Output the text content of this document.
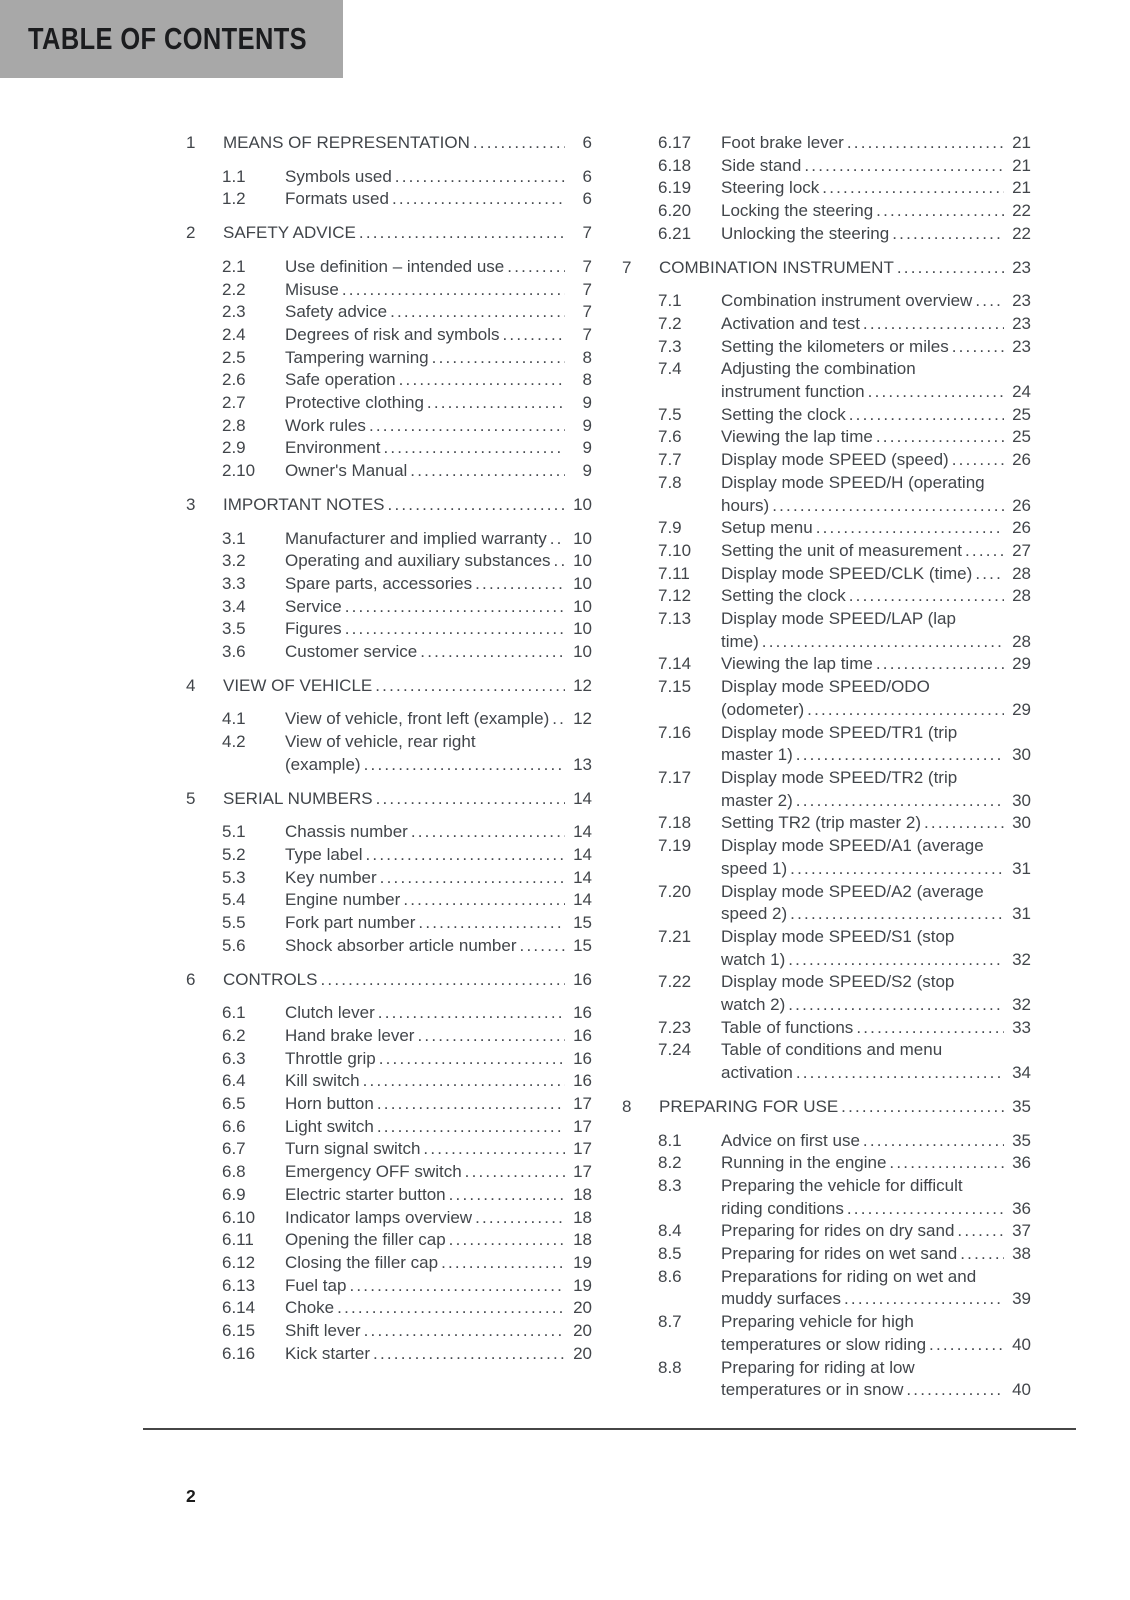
TABLE OF CONTENTS
1	MEANS OF REPRESENTATION .....	6
1.1	Symbols used .....	6
1.2	Formats used .....	6
2	SAFETY ADVICE .....	7
2.1	Use definition – intended use .....	7
2.2	Misuse .....	7
2.3	Safety advice .....	7
2.4	Degrees of risk and symbols .....	7
2.5	Tampering warning .....	8
2.6	Safe operation .....	8
2.7	Protective clothing .....	9
2.8	Work rules .....	9
2.9	Environment .....	9
2.10	Owner's Manual .....	9
3	IMPORTANT NOTES .....	10
3.1	Manufacturer and implied warranty ..... 10
3.2	Operating and auxiliary substances ..... 10
3.3	Spare parts, accessories .....	10
3.4	Service .....	10
3.5	Figures .....	10
3.6	Customer service .....	10
4	VIEW OF VEHICLE .....	12
4.1	View of vehicle, front left (example) ..... 12
4.2	View of vehicle, rear right
(example) .....	13
5	SERIAL NUMBERS .....	14
5.1	Chassis number .....	14
5.2	Type label .....	14
5.3	Key number .....	14
5.4	Engine number .....	14
5.5	Fork part number .....	15
5.6	Shock absorber article number .....	15
6	CONTROLS .....	16
6.1	Clutch lever .....	16
6.2	Hand brake lever .....	16
6.3	Throttle grip .....	16
6.4	Kill switch .....	16
6.5	Horn button .....	17
6.6	Light switch .....	17
6.7	Turn signal switch .....	17
6.8	Emergency OFF switch .....	17
6.9	Electric starter button .....	18
6.10	Indicator lamps overview .....	18
6.11	Opening the filler cap .....	18
6.12	Closing the filler cap .....	19
6.13	Fuel tap .....	19
6.14	Choke .....	20
6.15	Shift lever .....	20
6.16	Kick starter .....	20
6.17	Foot brake lever .....	21
6.18	Side stand .....	21
6.19	Steering lock .....	21
6.20	Locking the steering .....	22
6.21	Unlocking the steering .....	22
7	COMBINATION INSTRUMENT .....	23
7.1	Combination instrument overview ..... 23
7.2	Activation and test .....	23
7.3	Setting the kilometers or miles .....	23
7.4	Adjusting the combination
instrument function .....	24
7.5	Setting the clock .....	25
7.6	Viewing the lap time .....	25
7.7	Display mode SPEED (speed) .....	26
7.8	Display mode SPEED/H (operating
hours) .....	26
7.9	Setup menu .....	26
7.10	Setting the unit of measurement .....	27
7.11	Display mode SPEED/CLK (time) ..... 28
7.12	Setting the clock .....	28
7.13	Display mode SPEED/LAP (lap
time) .....	28
7.14	Viewing the lap time .....	29
7.15	Display mode SPEED/ODO
(odometer) .....	29
7.16	Display mode SPEED/TR1 (trip
master 1) .....	30
7.17	Display mode SPEED/TR2 (trip
master 2) .....	30
7.18	Setting TR2 (trip master 2) .....	30
7.19	Display mode SPEED/A1 (average
speed 1) .....	31
7.20	Display mode SPEED/A2 (average
speed 2) .....	31
7.21	Display mode SPEED/S1 (stop
watch 1) .....	32
7.22	Display mode SPEED/S2 (stop
watch 2) .....	32
7.23	Table of functions .....	33
7.24	Table of conditions and menu
activation .....	34
8	PREPARING FOR USE .....	35
8.1	Advice on first use .....	35
8.2	Running in the engine .....	36
8.3	Preparing the vehicle for difficult
riding conditions .....	36
8.4	Preparing for rides on dry sand .....	37
8.5	Preparing for rides on wet sand .....	38
8.6	Preparations for riding on wet and
muddy surfaces .....	39
8.7	Preparing vehicle for high
temperatures or slow riding .....	40
8.8	Preparing for riding at low
temperatures or in snow .....	40
2
